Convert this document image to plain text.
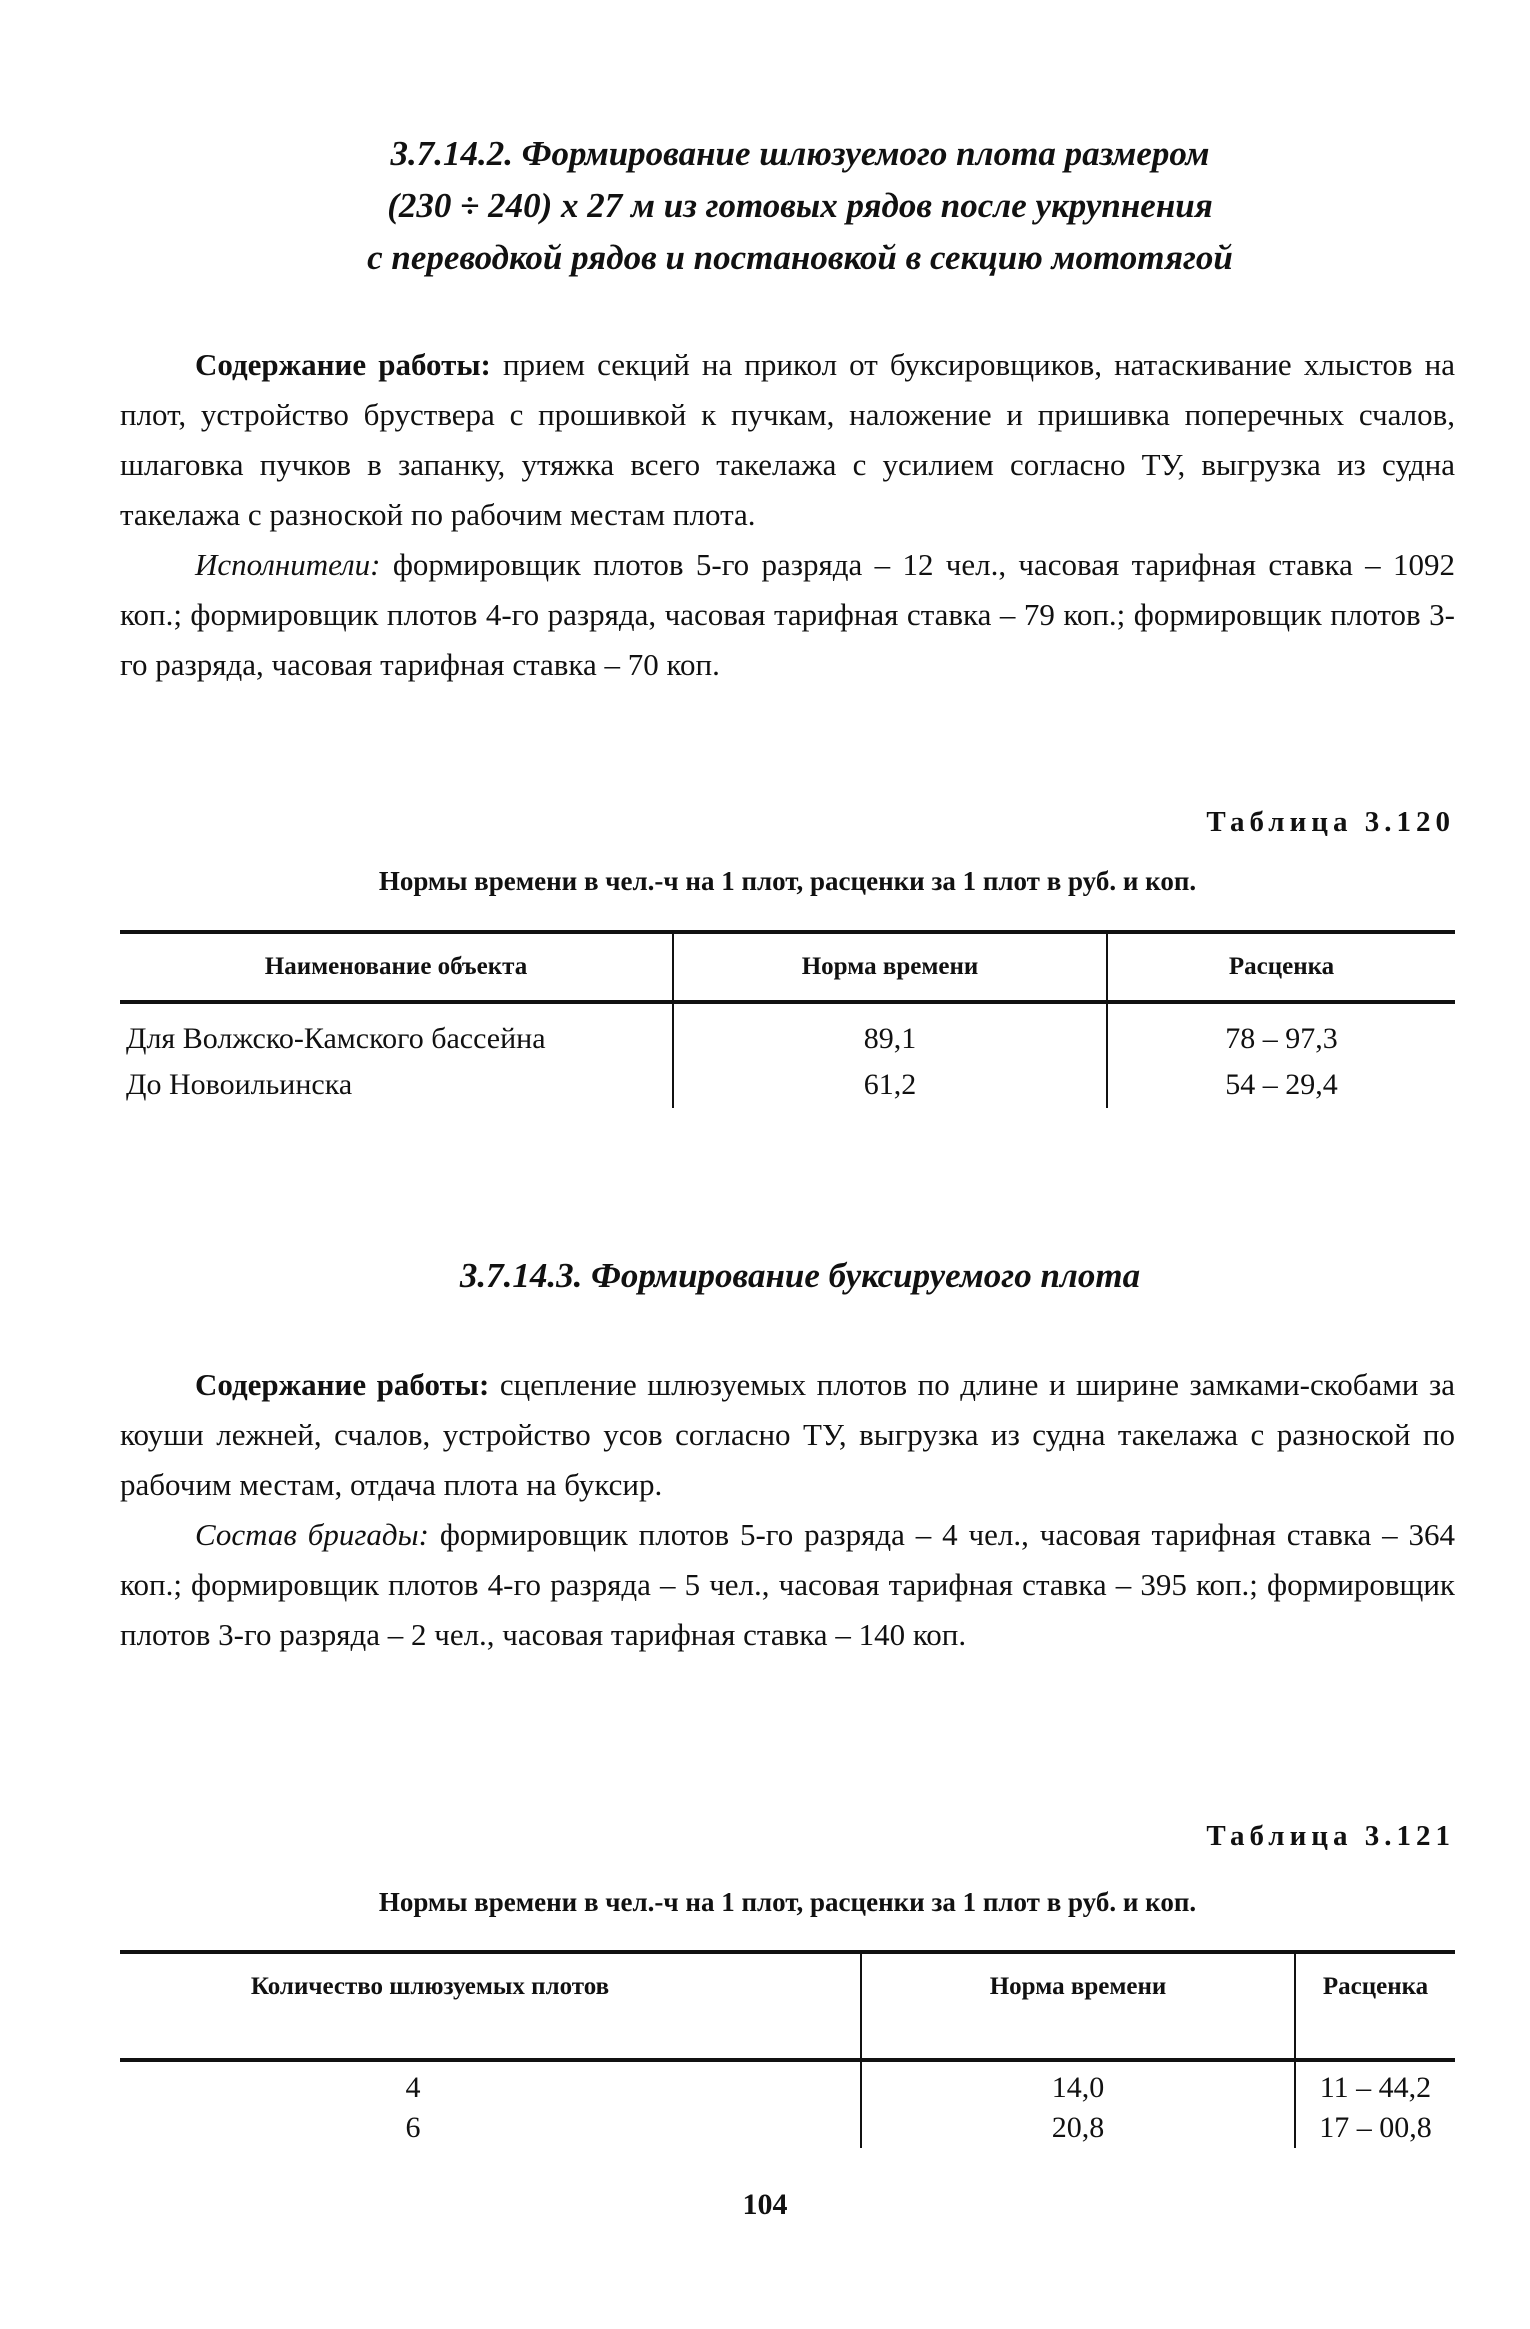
3.7.14.2. Формирование шлюзуемого плота размером
(230 ÷ 240) х 27 м из готовых рядов после укрупнения
с переводкой рядов и постановкой в секцию мототягой

Содержание работы: прием секций на прикол от буксировщиков, натаскивание хлыстов на плот, устройство бруствера с прошивкой к пучкам, наложение и пришивка поперечных счалов, шлаговка пучков в запанку, утяжка всего такелажа с усилием согласно ТУ, выгрузка из судна такелажа с разноской по рабочим местам плота.

Исполнители: формировщик плотов 5-го разряда – 12 чел., часовая тарифная ставка – 1092 коп.; формировщик плотов 4-го разряда, часовая тарифная ставка – 79 коп.; формировщик плотов 3-го разряда, часовая тарифная ставка – 70 коп.

Таблица 3.120
Нормы времени в чел.-ч на 1 плот, расценки за 1 плот в руб. и коп.
Наименование объекта	Норма времени	Расценка
Для Волжско-Камского бассейна	89,1	78 – 97,3
До Новоильинска	61,2	54 – 29,4
3.7.14.3. Формирование буксируемого плота

Содержание работы: сцепление шлюзуемых плотов по длине и ширине замками-скобами за коуши лежней, счалов, устройство усов согласно ТУ, выгрузка из судна такелажа с разноской по рабочим местам, отдача плота на буксир.

Состав бригады: формировщик плотов 5-го разряда – 4 чел., часовая тарифная ставка – 364 коп.; формировщик плотов 4-го разряда – 5 чел., часовая тарифная ставка – 395 коп.; формировщик плотов 3-го разряда – 2 чел., часовая тарифная ставка – 140 коп.

Таблица 3.121
Нормы времени в чел.-ч на 1 плот, расценки за 1 плот в руб. и коп.
Количество шлюзуемых плотов	Норма времени	Расценка
4	14,0	11 – 44,2
6	20,8	17 – 00,8
104
